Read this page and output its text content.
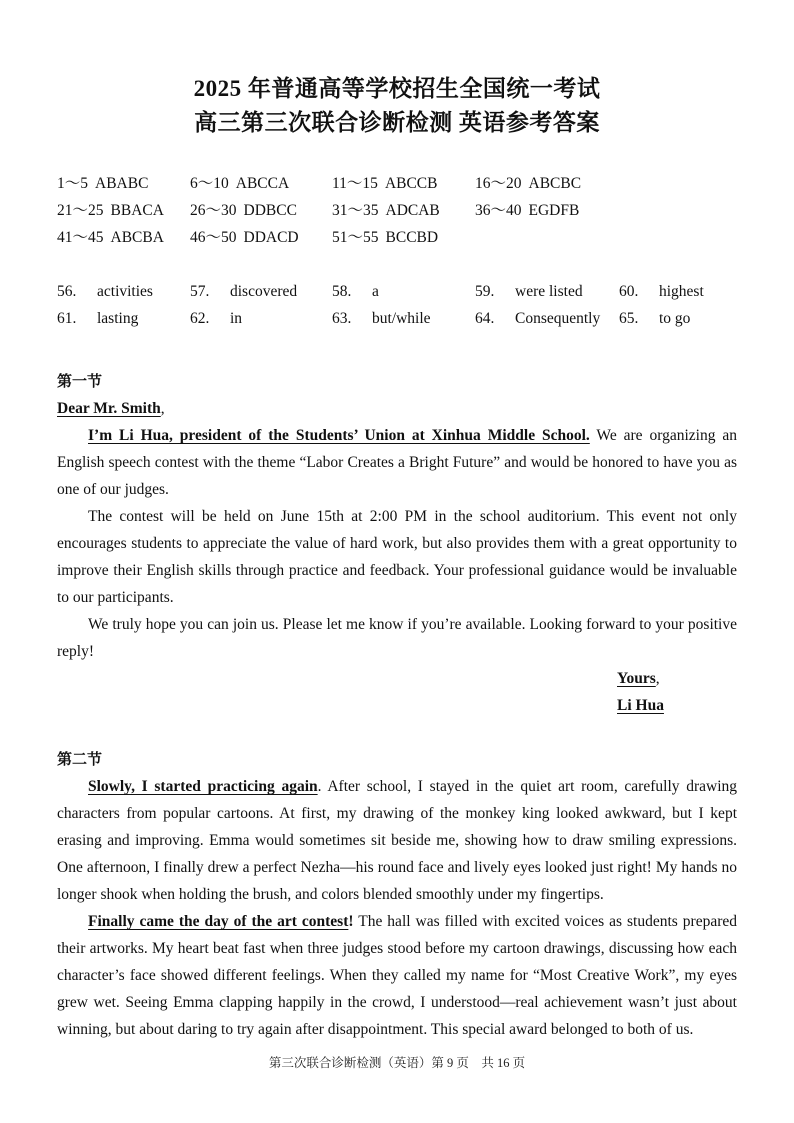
2025 年普通高等学校招生全国统一考试
高三第三次联合诊断检测 英语参考答案
1～5 ABABC	6～10 ABCCA	11～15 ABCCB 16～20 ABCBC
21～25 BBACA 26～30 DDBCC 31～35 ADCAB 36～40 EGDFB
41～45 ABCBA 46～50 DDACD 51～55 BCCBD
56. activities 57. discovered 58. a	59. were listed 60. highest
61. lasting	62. in	63. but/while	64. Consequently 65. to go
第一节
Dear Mr. Smith,
I’m Li Hua, president of the Students’ Union at Xinhua Middle School. We are organizing an English speech contest with the theme “Labor Creates a Bright Future” and would be honored to have you as one of our judges.
The contest will be held on June 15th at 2:00 PM in the school auditorium. This event not only encourages students to appreciate the value of hard work, but also provides them with a great opportunity to improve their English skills through practice and feedback. Your professional guidance would be invaluable to our participants.
We truly hope you can join us. Please let me know if you’re available. Looking forward to your positive reply!
Yours,
Li Hua
第二节
Slowly, I started practicing again. After school, I stayed in the quiet art room, carefully drawing characters from popular cartoons. At first, my drawing of the monkey king looked awkward, but I kept erasing and improving. Emma would sometimes sit beside me, showing how to draw smiling expressions. One afternoon, I finally drew a perfect Nezha—his round face and lively eyes looked just right! My hands no longer shook when holding the brush, and colors blended smoothly under my fingertips.
Finally came the day of the art contest! The hall was filled with excited voices as students prepared their artworks. My heart beat fast when three judges stood before my cartoon drawings, discussing how each character’s face showed different feelings. When they called my name for “Most Creative Work”, my eyes grew wet. Seeing Emma clapping happily in the crowd, I understood—real achievement wasn’t just about winning, but about daring to try again after disappointment. This special award belonged to both of us.
第三次联合诊断检测（英语）第 9 页　共 16 页
